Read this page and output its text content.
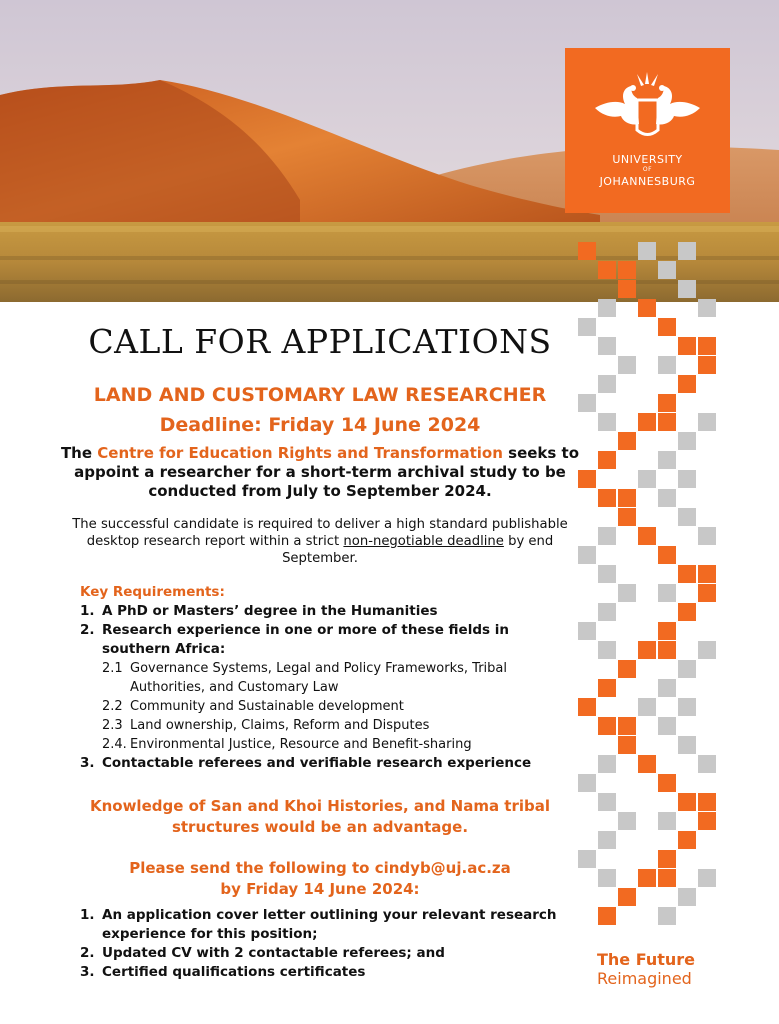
UNIVERSITY
OF
JOHANNESBURG
CALL FOR APPLICATIONS
LAND AND CUSTOMARY LAW RESEARCHER
Deadline: Friday 14 June 2024
The Centre for Education Rights and Transformation seeks to appoint a researcher for a short-term archival study to be conducted from July to September 2024.
The successful candidate is required to deliver a high standard publishable desktop research report within a strict non-negotiable deadline by end September.
Key Requirements:
1. A PhD or Masters’ degree in the Humanities
2. Research experience in one or more of these fields in southern Africa:
2.1 Governance Systems, Legal and Policy Frameworks, Tribal Authorities, and Customary Law
2.2 Community and Sustainable development
2.3 Land ownership, Claims, Reform and Disputes
2.4. Environmental Justice, Resource and Benefit-sharing
3. Contactable referees and verifiable research experience
Knowledge of San and Khoi Histories, and Nama tribal structures would be an advantage.
Please send the following to cindyb@uj.ac.za
by Friday 14 June 2024:
1. An application cover letter outlining your relevant research experience for this position;
2. Updated CV with 2 contactable referees; and
3. Certified qualifications certificates
The Future
Reimagined
